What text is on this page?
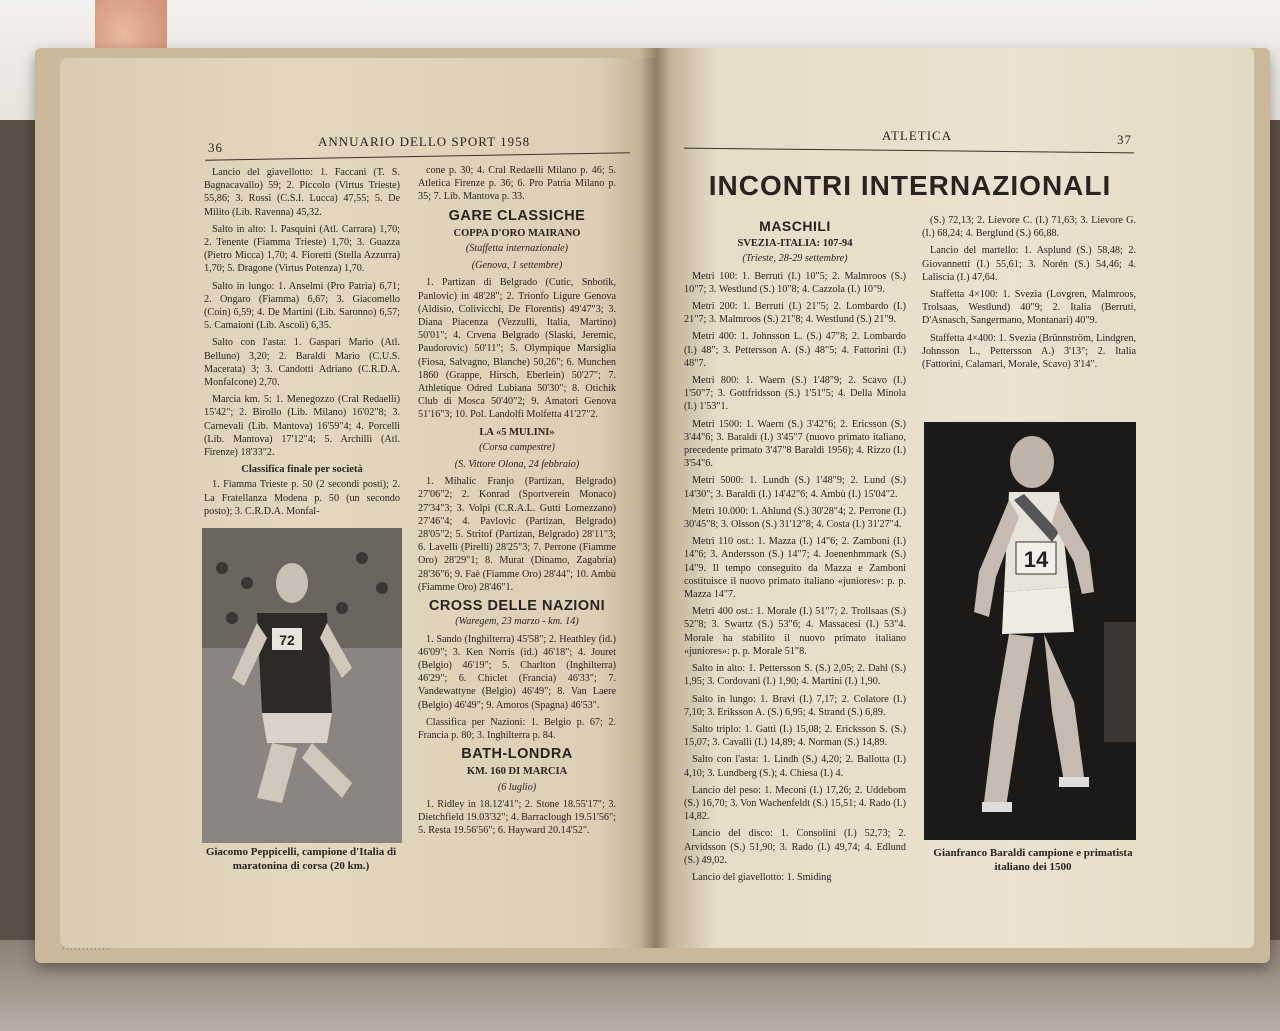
36	ANNUARIO DELLO SPORT 1958

Lancio del giavellotto: 1. Faccani (T. S. Bagnacavallo) 59; 2. Piccolo (Virtus Trieste) 55,86; 3. Rossi (C.S.I. Lucca) 47,55; 5. De Milito (Lib. Ravenna) 45,32.

Salto in alto: 1. Pasquini (Atl. Carrara) 1,70; 2. Tenente (Fiamma Trieste) 1,70; 3. Guazza (Pietro Micca) 1,70; 4. Fioretti (Stella Azzurra) 1,70; 5. Dragone (Virtus Potenza) 1,70.

Salto in lungo: 1. Anselmi (Pro Patria) 6,71; 2. Ongaro (Fiamma) 6,67; 3. Giacomello (Coin) 6,59; 4. De Martini (Lib. Saronno) 6,57; 5. Camaioni (Lib. Ascoli) 6,35.

Salto con l'asta: 1. Gaspari Mario (Atl. Belluno) 3,20; 2. Baraldi Mario (C.U.S. Macerata) 3; 3. Candotti Adriano (C.R.D.A. Monfalcone) 2,70.

Marcia km. 5: 1. Menegozzo (Cral Redaelli) 15'42"; 2. Birollo (Lib. Milano) 16'02"8; 3. Carnevali (Lib. Mantova) 16'59"4; 4. Porcelli (Lib. Mantova) 17'12"4; 5. Archilli (Atl. Firenze) 18'33"2.

Classifica finale per società

1. Fiamma Trieste p. 50 (2 secondi posti); 2. La Fratellanza Modena p. 50 (un secondo posto); 3. C.R.D.A. Monfal-

72
Giacomo Peppicelli, campione d'Italia di maratonina di corsa (20 km.)

cone p. 30; 4. Cral Redaelli Milano p. 46; 5. Atletica Firenze p. 36; 6. Pro Patria Milano p. 35; 7. Lib. Mantova p. 33.

GARE CLASSICHE
COPPA D'ORO MAIRANO

(Staffetta internazionale)

(Genova, 1 settembre)

1. Partizan di Belgrado (Cutic, Snbotik, Panlovic) in 48'28"; 2. Trionfo Ligure Genova (Aldisio, Colivicchi, De Florentis) 49'47"3; 3. Diana Piacenza (Vezzulli, Italia, Martino) 50'01"; 4. Crvena Belgrado (Slaski, Jeremic, Paudorovic) 50'11"; 5. Olympique Marsiglia (Fiosa, Salvagno, Blanche) 50,26"; 6. Munchen 1860 (Grappe, Hirsch, Eberlein) 50'27"; 7. Athletique Odred Lubiana 50'30"; 8. Otichik Club di Mosca 50'40"2; 9. Amatori Genova 51'16"3; 10. Pol. Landolfi Molfetta 41'27"2.

LA «5 MULINI»

(Corsa campestre)

(S. Vittore Olona, 24 febbraio)

1. Mihalic Franjo (Partizan, Belgrado) 27'06"2; 2. Konrad (Sportverein Monaco) 27'34"3; 3. Volpi (C.R.A.L. Gutti Lomezzano) 27'46"4; 4. Pavlovic (Partizan, Belgrado) 28'05"2; 5. Stritof (Partizan, Belgrado) 28'11"3; 6. Lavelli (Pirelli) 28'25"3; 7. Perrone (Fiamme Oro) 28'29"1; 8. Murat (Dinamo, Zagabria) 28'36"6; 9. Faè (Fiamme Oro) 28'44"; 10. Ambù (Fiamme Oro) 28'46"1.

CROSS DELLE NAZIONI

(Waregem, 23 marzo - km. 14)

1. Sando (Inghilterra) 45'58"; 2. Heathley (id.) 46'09"; 3. Ken Norris (id.) 46'18"; 4. Jouret (Belgio) 46'19"; 5. Charlton (Inghilterra) 46'29"; 6. Chiclet (Francia) 46'33"; 7. Vandewattyne (Belgio) 46'49"; 8. Van Laere (Belgio) 46'49"; 9. Amoros (Spagna) 46'53".

Classifica per Nazioni: 1. Belgio p. 67; 2. Francia p. 80; 3. Inghilterra p. 84.

BATH-LONDRA
KM. 160 DI MARCIA

(6 luglio)

1. Ridley in 18.12'41"; 2. Stone 18.55'17"; 3. Dietchfield 19.03'32"; 4. Barraclough 19.51'56"; 5. Resta 19.56'56"; 6. Hayward 20.14'52".

ATLETICA	37
INCONTRI INTERNAZIONALI
MASCHILI
SVEZIA-ITALIA: 107-94

(Trieste, 28-29 settembre)

Metri 100: 1. Berruti (I.) 10"5; 2. Malmroos (S.) 10"7; 3. Westlund (S.) 10"8; 4. Cazzola (I.) 10"9.

Metri 200: 1. Berruti (I.) 21"5; 2. Lombardo (I.) 21"7; 3. Malmroos (S.) 21"8; 4. Westlund (S.) 21"9.

Metri 400: 1. Johnsson L. (S.) 47"8; 2. Lombardo (I.) 48"; 3. Pettersson A. (S.) 48"5; 4. Fattorini (I.) 48"7.

Metri 800: 1. Waern (S.) 1'48"9; 2. Scavo (I.) 1'50"7; 3. Gottfridsson (S.) 1'51"5; 4. Della Minola (I.) 1'53"1.

Metri 1500: 1. Waern (S.) 3'42"6; 2. Ericsson (S.) 3'44"6; 3. Baraldi (I.) 3'45"7 (nuovo primato italiano, precedente primato 3'47"8 Baraldi 1956); 4. Rizzo (I.) 3'54"6.

Metri 5000: 1. Lundh (S.) 1'48"9; 2. Lund (S.) 14'30"; 3. Baraldi (I.) 14'42"6; 4. Ambù (I.) 15'04"2.

Metri 10.000: 1. Ahlund (S.) 30'28"4; 2. Perrone (I.) 30'45"8; 3. Olsson (S.) 31'12"8; 4. Costa (I.) 31'27"4.

Metri 110 ost.: 1. Mazza (I.) 14"6; 2. Zamboni (I.) 14"6; 3. Andersson (S.) 14"7; 4. Joenenhmmark (S.) 14"9. Il tempo conseguito da Mazza e Zamboni costituisce il nuovo primato italiano «juniores»: p. p. Mazza 14"7.

Metri 400 ost.: 1. Morale (I.) 51"7; 2. Trollsaas (S.) 52"8; 3. Swartz (S.) 53"6; 4. Massacesi (I.) 53"4. Morale ha stabilito il nuovo primato italiano «juniores»: p. p. Morale 51"8.

Salto in alto: 1. Pettersson S. (S.) 2,05; 2. Dahl (S.) 1,95; 3. Cordovani (I.) 1,90; 4. Martini (I.) 1,90.

Salto in lungo: 1. Bravi (I.) 7,17; 2. Colatore (I.) 7,10; 3. Eriksson A. (S.) 6,95; 4. Strand (S.) 6,89.

Salto triplo: 1. Gatti (I.) 15,08; 2. Ericksson S. (S.) 15,07; 3. Cavalli (I.) 14,89; 4. Norman (S.) 14,89.

Salto con l'asta: 1. Lindh (S.) 4,20; 2. Ballotta (I.) 4,10; 3. Lundberg (S.); 4. Chiesa (I.) 4.

Lancio del peso: 1. Meconi (I.) 17,26; 2. Uddebom (S.) 16,70; 3. Von Wachenfeldt (S.) 15,51; 4. Rado (I.) 14,82.

Lancio del disco: 1. Consolini (I.) 52,73; 2. Arvidsson (S.) 51,90; 3. Rado (I.) 49,74; 4. Edlund (S.) 49,02.

Lancio del giavellotto: 1. Smiding

(S.) 72,13; 2. Lievore C. (I.) 71,63; 3. Lievore G. (I.) 68,24; 4. Berglund (S.) 66,88.

Lancio del martello: 1. Asplund (S.) 58,48; 2. Giovannetti (I.) 55,61; 3. Norén (S.) 54,46; 4. Laliscia (I.) 47,64.

Staffetta 4×100: 1. Svezia (Lovgren, Malmroos, Trolsaas, Westlund) 40"9; 2. Italia (Berruti, D'Asnasch, Sangermano, Montanari) 40"9.

Staffetta 4×400: 1. Svezia (Brünnström, Lindgren, Johnsson L., Pettersson A.) 3'13"; 2. Italia (Fattorini, Calamari, Morale, Scavo) 3'14".

14
Gianfranco Baraldi campione e primatista italiano dei 1500
